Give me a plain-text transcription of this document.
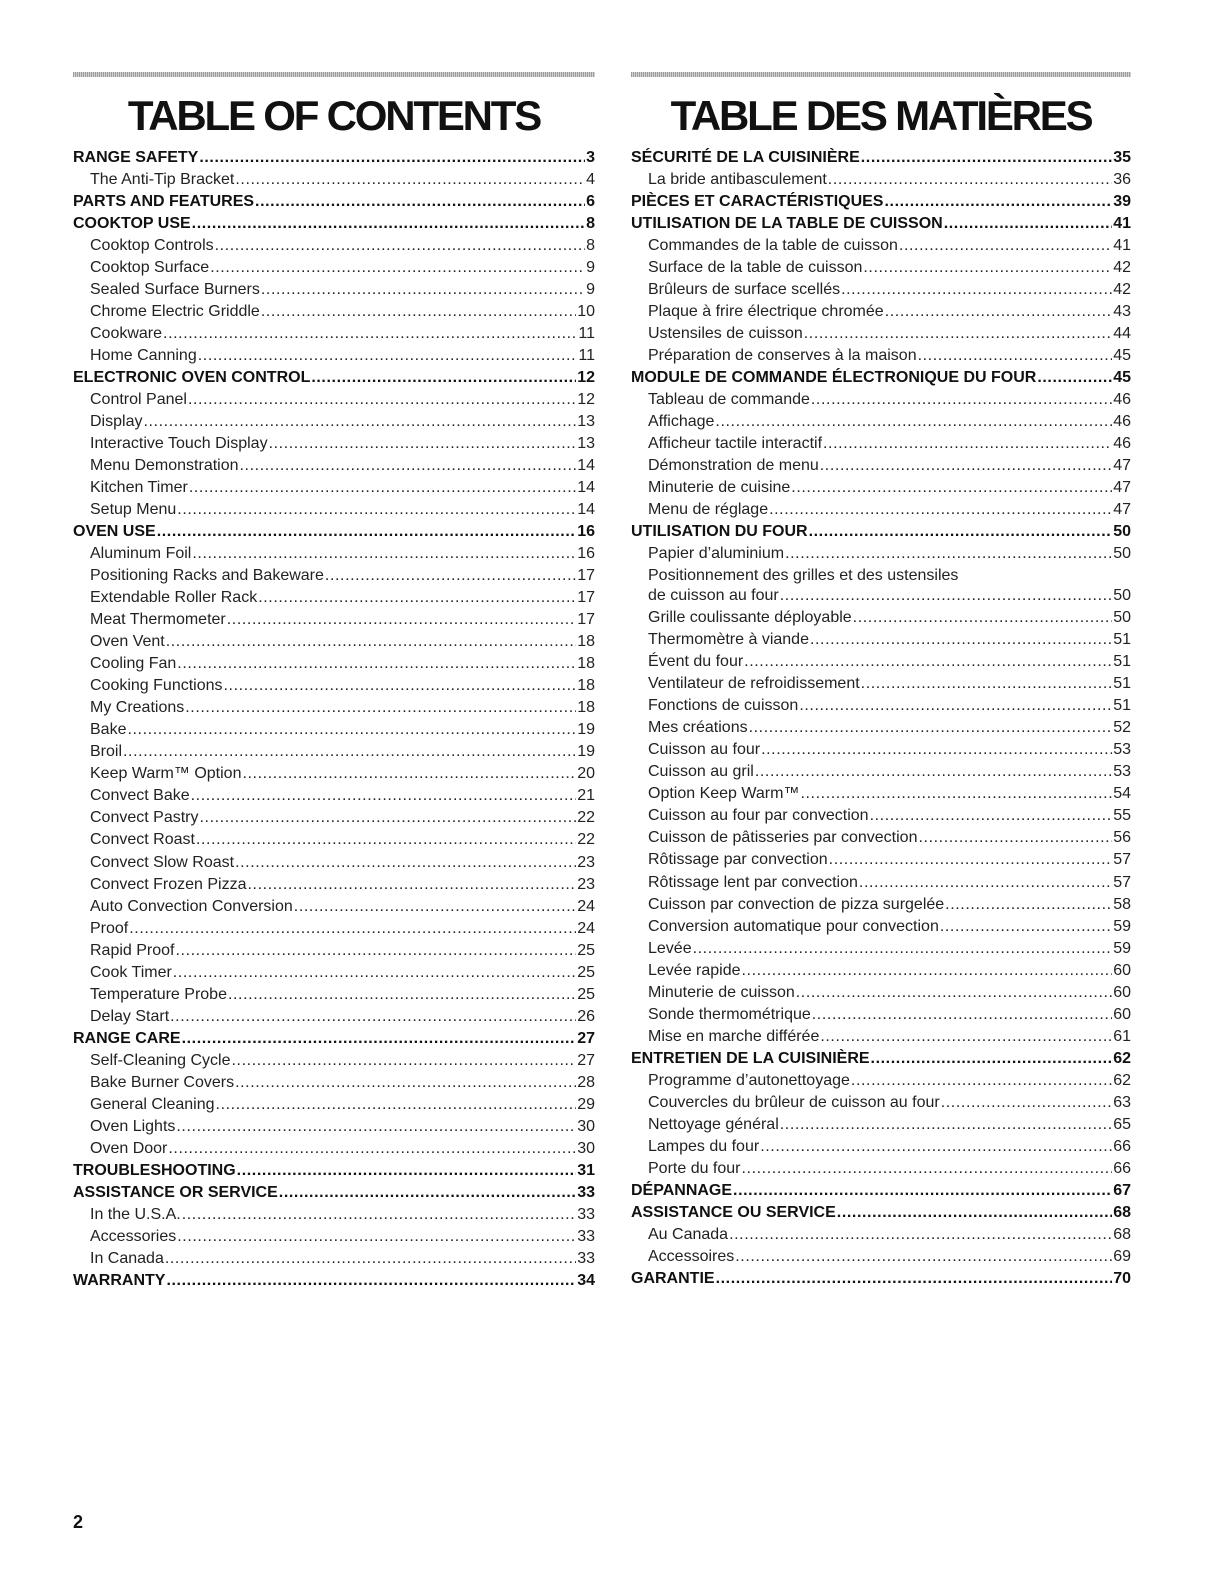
TABLE OF CONTENTS
RANGE SAFETY .....	3
The Anti-Tip Bracket .....	4
PARTS AND FEATURES .....	6
COOKTOP USE .....	8
Cooktop Controls .....	8
Cooktop Surface .....	9
Sealed Surface Burners .....	9
Chrome Electric Griddle .....	10
Cookware .....	11
Home Canning .....	11
ELECTRONIC OVEN CONTROL .....	12
Control Panel .....	12
Display .....	13
Interactive Touch Display .....	13
Menu Demonstration .....	14
Kitchen Timer .....	14
Setup Menu .....	14
OVEN USE .....	16
Aluminum Foil .....	16
Positioning Racks and Bakeware .....	17
Extendable Roller Rack .....	17
Meat Thermometer .....	17
Oven Vent .....	18
Cooling Fan .....	18
Cooking Functions .....	18
My Creations .....	18
Bake .....	19
Broil .....	19
Keep Warm™ Option .....	20
Convect Bake .....	21
Convect Pastry .....	22
Convect Roast .....	22
Convect Slow Roast .....	23
Convect Frozen Pizza .....	23
Auto Convection Conversion .....	24
Proof .....	24
Rapid Proof .....	25
Cook Timer .....	25
Temperature Probe .....	25
Delay Start .....	26
RANGE CARE .....	27
Self-Cleaning Cycle .....	27
Bake Burner Covers .....	28
General Cleaning .....	29
Oven Lights .....	30
Oven Door .....	30
TROUBLESHOOTING .....	31
ASSISTANCE OR SERVICE .....	33
In the U.S.A. .....	33
Accessories .....	33
In Canada .....	33
WARRANTY .....	34
TABLE DES MATIÈRES
SÉCURITÉ DE LA CUISINIÈRE .....	35
La bride antibasculement .....	36
PIÈCES ET CARACTÉRISTIQUES .....	39
UTILISATION DE LA TABLE DE CUISSON .....	41
Commandes de la table de cuisson .....	41
Surface de la table de cuisson .....	42
Brûleurs de surface scellés .....	42
Plaque à frire électrique chromée .....	43
Ustensiles de cuisson .....	44
Préparation de conserves à la maison .....	45
MODULE DE COMMANDE ÉLECTRONIQUE DU FOUR .....	45
Tableau de commande .....	46
Affichage .....	46
Afficheur tactile interactif .....	46
Démonstration de menu .....	47
Minuterie de cuisine .....	47
Menu de réglage .....	47
UTILISATION DU FOUR .....	50
Papier d’aluminium .....	50
Positionnement des grilles et des ustensiles
de cuisson au four .....	50
Grille coulissante déployable .....	50
Thermomètre à viande .....	51
Évent du four .....	51
Ventilateur de refroidissement .....	51
Fonctions de cuisson .....	51
Mes créations .....	52
Cuisson au four .....	53
Cuisson au gril .....	53
Option Keep Warm™ .....	54
Cuisson au four par convection .....	55
Cuisson de pâtisseries par convection .....	56
Rôtissage par convection .....	57
Rôtissage lent par convection .....	57
Cuisson par convection de pizza surgelée .....	58
Conversion automatique pour convection .....	59
Levée .....	59
Levée rapide .....	60
Minuterie de cuisson .....	60
Sonde thermométrique .....	60
Mise en marche différée .....	61
ENTRETIEN DE LA CUISINIÈRE .....	62
Programme d’autonettoyage .....	62
Couvercles du brûleur de cuisson au four .....	63
Nettoyage général .....	65
Lampes du four .....	66
Porte du four .....	66
DÉPANNAGE .....	67
ASSISTANCE OU SERVICE .....	68
Au Canada .....	68
Accessoires .....	69
GARANTIE .....	70
2
